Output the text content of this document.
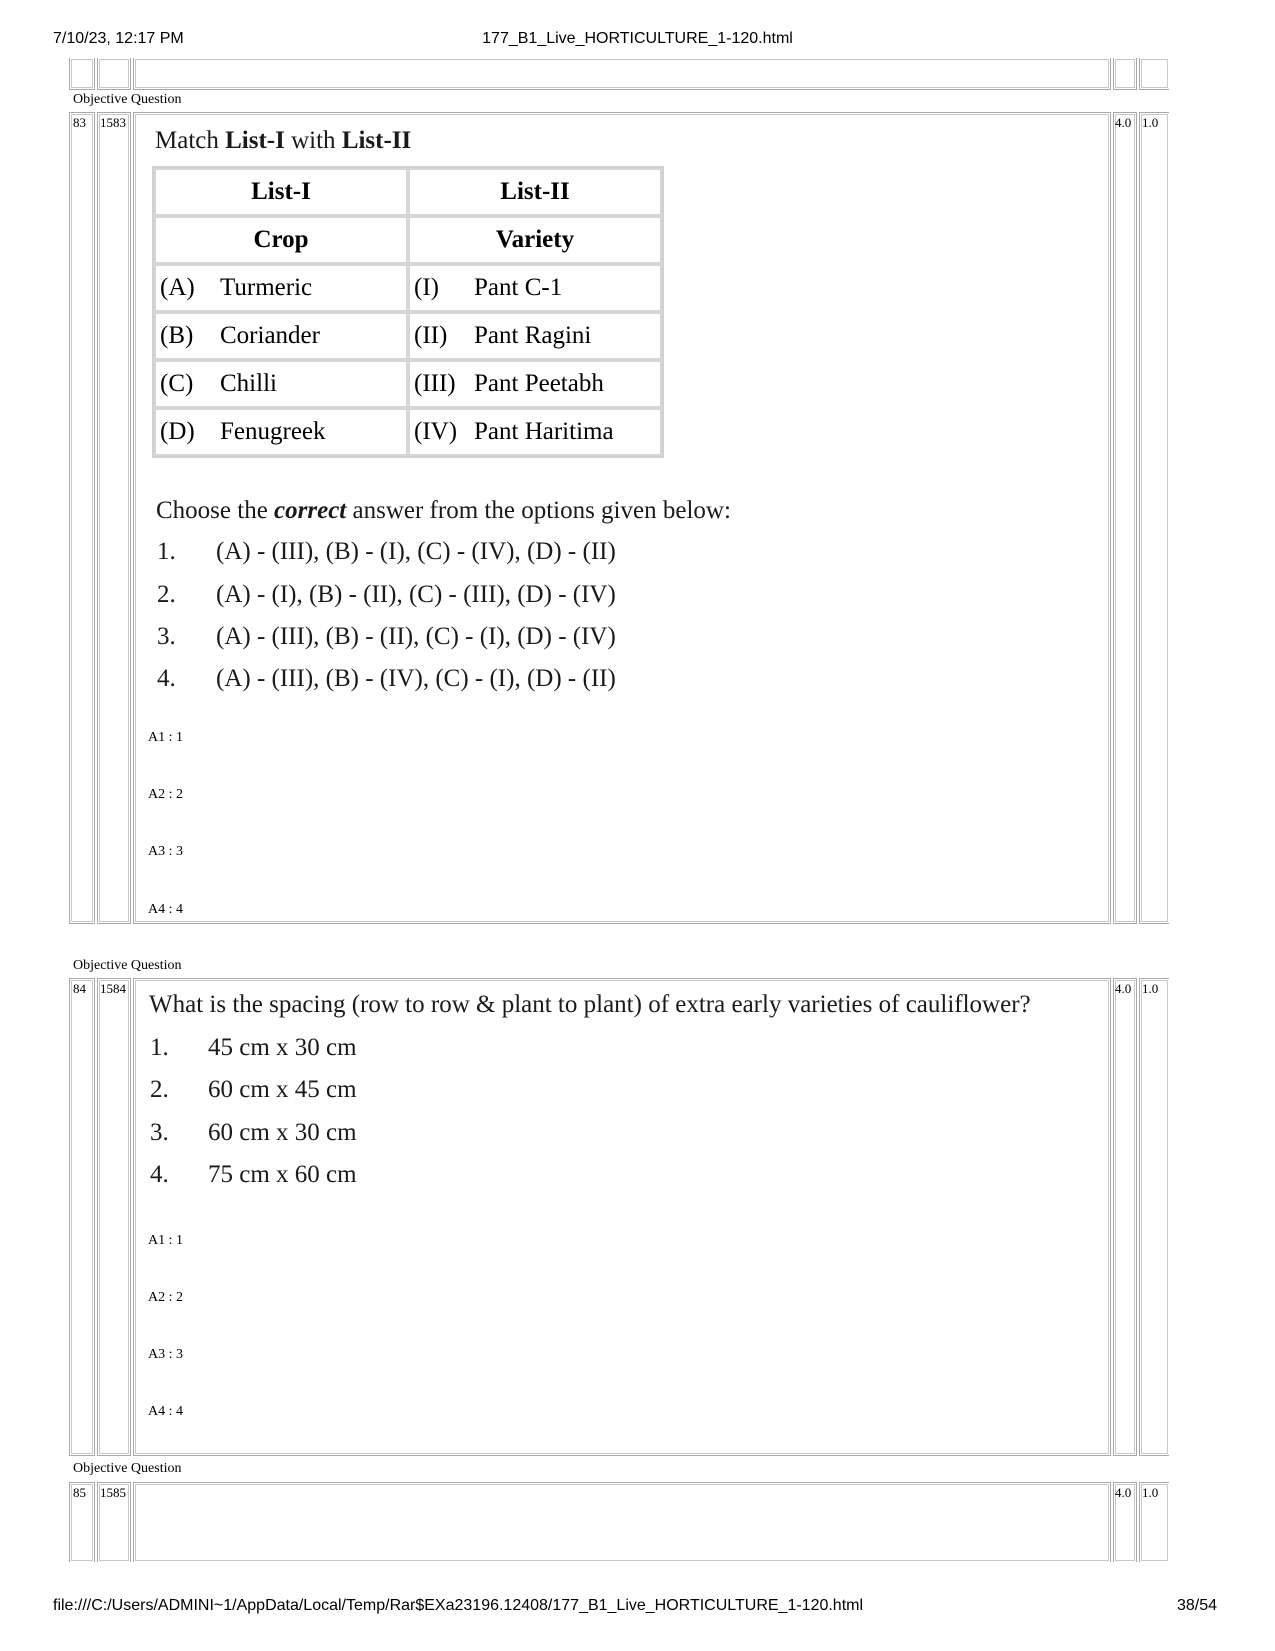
7/10/23, 12:17 PM	177_B1_Live_HORTICULTURE_1-120.html
file:///C:/Users/ADMINI~1/AppData/Local/Temp/Rar$EXa23196.12408/177_B1_Live_HORTICULTURE_1-120.html	38/54
Objective Question
83 1583	4.0 1.0
Match List-I with List-II
List-I	List-II
Crop	Variety
(A) Turmeric	(I) Pant C-1
(B) Coriander	(II) Pant Ragini
(C) Chilli	(III) Pant Peetabh
(D) Fenugreek	(IV) Pant Haritima
Choose the correct answer from the options given below:
1. (A) - (III), (B) - (I), (C) - (IV), (D) - (II)
2. (A) - (I), (B) - (II), (C) - (III), (D) - (IV)
3. (A) - (III), (B) - (II), (C) - (I), (D) - (IV)
4. (A) - (III), (B) - (IV), (C) - (I), (D) - (II)
A1 : 1
A2 : 2
A3 : 3
A4 : 4
Objective Question
84 1584	4.0 1.0
What is the spacing (row to row & plant to plant) of extra early varieties of cauliflower?
1. 45 cm x 30 cm
2. 60 cm x 45 cm
3. 60 cm x 30 cm
4. 75 cm x 60 cm
A1 : 1
A2 : 2
A3 : 3
A4 : 4
Objective Question
85 1585	4.0 1.0
